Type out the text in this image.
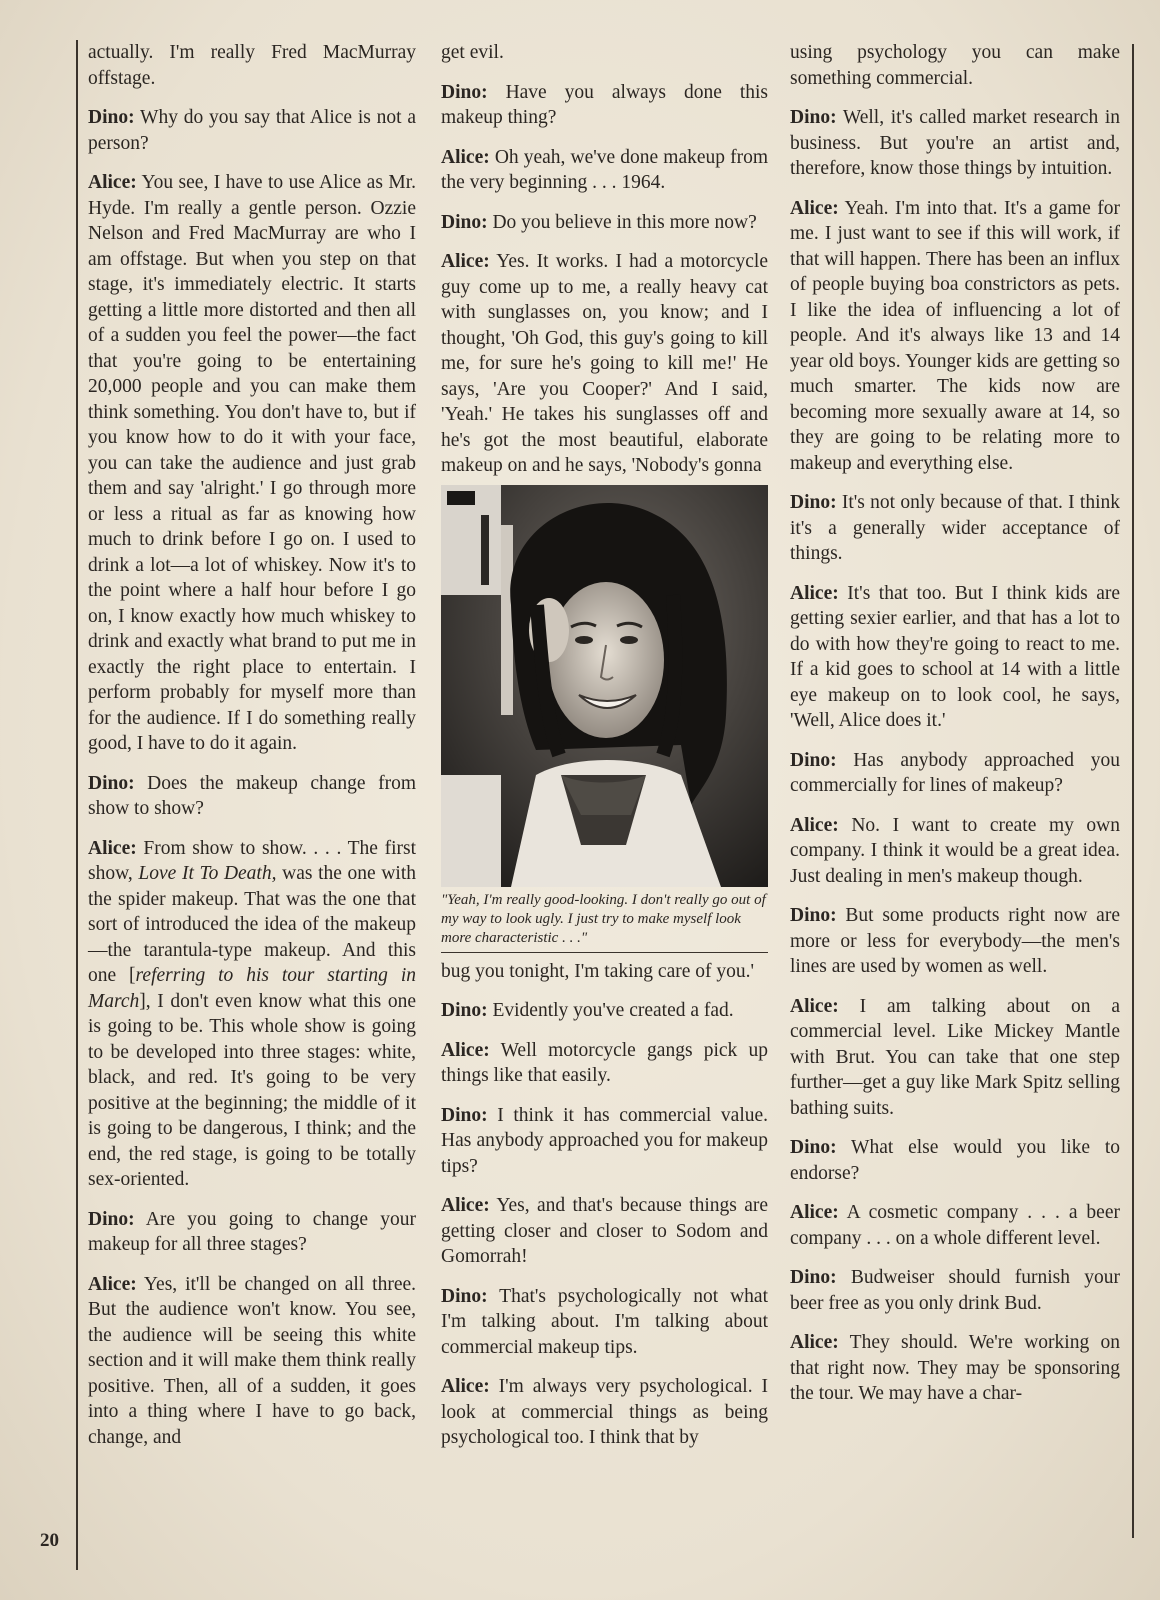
20

actually. I'm really Fred MacMurray offstage.

Dino: Why do you say that Alice is not a person?

Alice: You see, I have to use Alice as Mr. Hyde. I'm really a gentle person. Ozzie Nelson and Fred MacMurray are who I am offstage. But when you step on that stage, it's immediately electric. It starts getting a little more distorted and then all of a sudden you feel the power—the fact that you're going to be entertaining 20,000 people and you can make them think something. You don't have to, but if you know how to do it with your face, you can take the audience and just grab them and say 'alright.' I go through more or less a ritual as far as knowing how much to drink before I go on. I used to drink a lot—a lot of whiskey. Now it's to the point where a half hour before I go on, I know exactly how much whiskey to drink and exactly what brand to put me in exactly the right place to entertain. I perform probably for myself more than for the audience. If I do something really good, I have to do it again.

Dino: Does the makeup change from show to show?

Alice: From show to show. . . . The first show, Love It To Death, was the one with the spider makeup. That was the one that sort of introduced the idea of the makeup—the tarantula-type makeup. And this one [referring to his tour starting in March], I don't even know what this one is going to be. This whole show is going to be developed into three stages: white, black, and red. It's going to be very positive at the beginning; the middle of it is going to be dangerous, I think; and the end, the red stage, is going to be totally sex-oriented.

Dino: Are you going to change your makeup for all three stages?

Alice: Yes, it'll be changed on all three. But the audience won't know. You see, the audience will be seeing this white section and it will make them think really positive. Then, all of a sudden, it goes into a thing where I have to go back, change, and

get evil.

Dino: Have you always done this makeup thing?

Alice: Oh yeah, we've done makeup from the very beginning . . . 1964.

Dino: Do you believe in this more now?

Alice: Yes. It works. I had a motorcycle guy come up to me, a really heavy cat with sunglasses on, you know; and I thought, 'Oh God, this guy's going to kill me, for sure he's going to kill me!' He says, 'Are you Cooper?' And I said, 'Yeah.' He takes his sunglasses off and he's got the most beautiful, elaborate makeup on and he says, 'Nobody's gonna

"Yeah, I'm really good-looking. I don't really go out of my way to look ugly. I just try to make myself look more characteristic . . ."

bug you tonight, I'm taking care of you.'

Dino: Evidently you've created a fad.

Alice: Well motorcycle gangs pick up things like that easily.

Dino: I think it has commercial value. Has anybody approached you for makeup tips?

Alice: Yes, and that's because things are getting closer and closer to Sodom and Gomorrah!

Dino: That's psychologically not what I'm talking about. I'm talking about commercial makeup tips.

Alice: I'm always very psychological. I look at commercial things as being psychological too. I think that by

using psychology you can make something commercial.

Dino: Well, it's called market research in business. But you're an artist and, therefore, know those things by intuition.

Alice: Yeah. I'm into that. It's a game for me. I just want to see if this will work, if that will happen. There has been an influx of people buying boa constrictors as pets. I like the idea of influencing a lot of people. And it's always like 13 and 14 year old boys. Younger kids are getting so much smarter. The kids now are becoming more sexually aware at 14, so they are going to be relating more to makeup and everything else.

Dino: It's not only because of that. I think it's a generally wider acceptance of things.

Alice: It's that too. But I think kids are getting sexier earlier, and that has a lot to do with how they're going to react to me. If a kid goes to school at 14 with a little eye makeup on to look cool, he says, 'Well, Alice does it.'

Dino: Has anybody approached you commercially for lines of makeup?

Alice: No. I want to create my own company. I think it would be a great idea. Just dealing in men's makeup though.

Dino: But some products right now are more or less for everybody—the men's lines are used by women as well.

Alice: I am talking about on a commercial level. Like Mickey Mantle with Brut. You can take that one step further—get a guy like Mark Spitz selling bathing suits.

Dino: What else would you like to endorse?

Alice: A cosmetic company . . . a beer company . . . on a whole different level.

Dino: Budweiser should furnish your beer free as you only drink Bud.

Alice: They should. We're working on that right now. They may be sponsoring the tour. We may have a char-
